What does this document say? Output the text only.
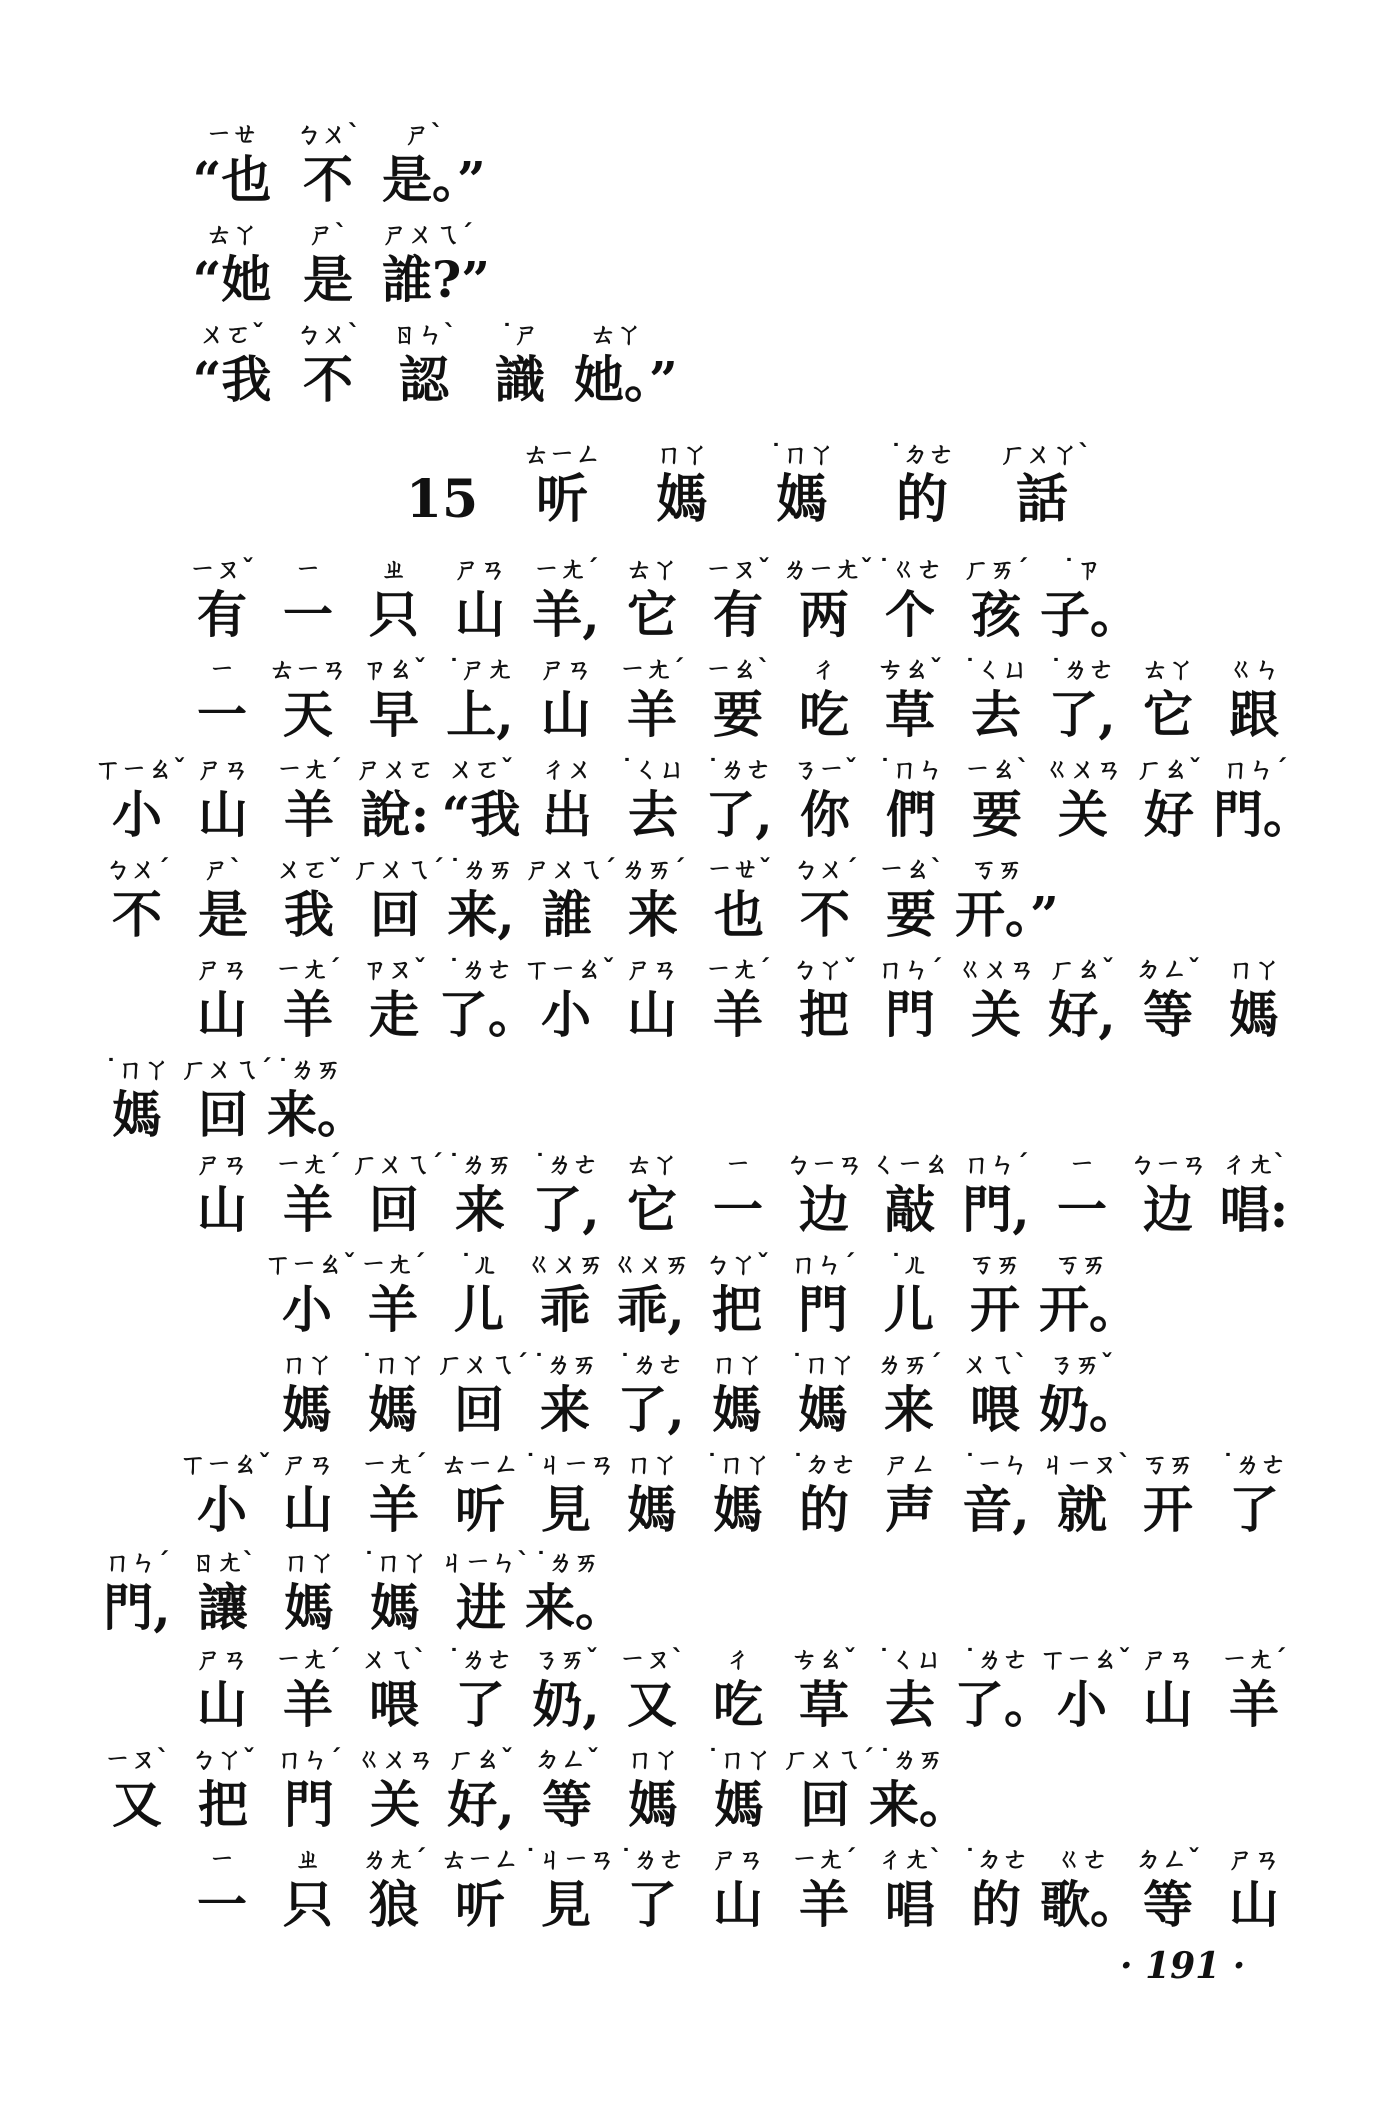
ㄧㄝ
“也
ㄅㄨˋ
不
ㄕˋ
是。”
ㄊㄚ
“她
ㄕˋ
是
ㄕㄨㄟˊ
誰?”
ㄨㄛˇ
“我
ㄅㄨˋ
不
ㄖㄣˋ
認
˙ㄕ
識
ㄊㄚ
她。”
15
ㄊㄧㄥ
听
ㄇㄚ
媽
˙ㄇㄚ
媽
˙ㄉㄜ
的
ㄏㄨㄚˋ
話
ㄧㄡˇ
有
ㄧ
一
ㄓ
只
ㄕㄢ
山
ㄧㄤˊ
羊,
ㄊㄚ
它
ㄧㄡˇ
有
ㄌㄧㄤˇ
两
˙ㄍㄜ
个
ㄏㄞˊ
孩
˙ㄗ
子。
ㄧ
一
ㄊㄧㄢ
天
ㄗㄠˇ
早
˙ㄕㄤ
上,
ㄕㄢ
山
ㄧㄤˊ
羊
ㄧㄠˋ
要
ㄔ
吃
ㄘㄠˇ
草
˙ㄑㄩ
去
˙ㄌㄜ
了,
ㄊㄚ
它
ㄍㄣ
跟
ㄒㄧㄠˇ
小
ㄕㄢ
山
ㄧㄤˊ
羊
ㄕㄨㄛ
說:
ㄨㄛˇ
“我
ㄔㄨ
出
˙ㄑㄩ
去
˙ㄌㄜ
了,
ㄋㄧˇ
你
˙ㄇㄣ
們
ㄧㄠˋ
要
ㄍㄨㄢ
关
ㄏㄠˇ
好
ㄇㄣˊ
門。
ㄅㄨˊ
不
ㄕˋ
是
ㄨㄛˇ
我
ㄏㄨㄟˊ
回
˙ㄌㄞ
来,
ㄕㄨㄟˊ
誰
ㄌㄞˊ
来
ㄧㄝˇ
也
ㄅㄨˊ
不
ㄧㄠˋ
要
ㄎㄞ
开。”
ㄕㄢ
山
ㄧㄤˊ
羊
ㄗㄡˇ
走
˙ㄌㄜ
了。
ㄒㄧㄠˇ
小
ㄕㄢ
山
ㄧㄤˊ
羊
ㄅㄚˇ
把
ㄇㄣˊ
門
ㄍㄨㄢ
关
ㄏㄠˇ
好,
ㄉㄥˇ
等
ㄇㄚ
媽
˙ㄇㄚ
媽
ㄏㄨㄟˊ
回
˙ㄌㄞ
来。
ㄕㄢ
山
ㄧㄤˊ
羊
ㄏㄨㄟˊ
回
˙ㄌㄞ
来
˙ㄌㄜ
了,
ㄊㄚ
它
ㄧ
一
ㄅㄧㄢ
边
ㄑㄧㄠ
敲
ㄇㄣˊ
門,
ㄧ
一
ㄅㄧㄢ
边
ㄔㄤˋ
唱:
ㄒㄧㄠˇ
小
ㄧㄤˊ
羊
˙ㄦ
儿
ㄍㄨㄞ
乖
ㄍㄨㄞ
乖,
ㄅㄚˇ
把
ㄇㄣˊ
門
˙ㄦ
儿
ㄎㄞ
开
ㄎㄞ
开。
ㄇㄚ
媽
˙ㄇㄚ
媽
ㄏㄨㄟˊ
回
˙ㄌㄞ
来
˙ㄌㄜ
了,
ㄇㄚ
媽
˙ㄇㄚ
媽
ㄌㄞˊ
来
ㄨㄟˋ
喂
ㄋㄞˇ
奶。
ㄒㄧㄠˇ
小
ㄕㄢ
山
ㄧㄤˊ
羊
ㄊㄧㄥ
听
˙ㄐㄧㄢ
見
ㄇㄚ
媽
˙ㄇㄚ
媽
˙ㄉㄜ
的
ㄕㄥ
声
˙ㄧㄣ
音,
ㄐㄧㄡˋ
就
ㄎㄞ
开
˙ㄌㄜ
了
ㄇㄣˊ
門,
ㄖㄤˋ
讓
ㄇㄚ
媽
˙ㄇㄚ
媽
ㄐㄧㄣˋ
进
˙ㄌㄞ
来。
ㄕㄢ
山
ㄧㄤˊ
羊
ㄨㄟˋ
喂
˙ㄌㄜ
了
ㄋㄞˇ
奶,
ㄧㄡˋ
又
ㄔ
吃
ㄘㄠˇ
草
˙ㄑㄩ
去
˙ㄌㄜ
了。
ㄒㄧㄠˇ
小
ㄕㄢ
山
ㄧㄤˊ
羊
ㄧㄡˋ
又
ㄅㄚˇ
把
ㄇㄣˊ
門
ㄍㄨㄢ
关
ㄏㄠˇ
好,
ㄉㄥˇ
等
ㄇㄚ
媽
˙ㄇㄚ
媽
ㄏㄨㄟˊ
回
˙ㄌㄞ
来。
ㄧ
一
ㄓ
只
ㄌㄤˊ
狼
ㄊㄧㄥ
听
˙ㄐㄧㄢ
見
˙ㄌㄜ
了
ㄕㄢ
山
ㄧㄤˊ
羊
ㄔㄤˋ
唱
˙ㄉㄜ
的
ㄍㄜ
歌。
ㄉㄥˇ
等
ㄕㄢ
山
· 191 ·
